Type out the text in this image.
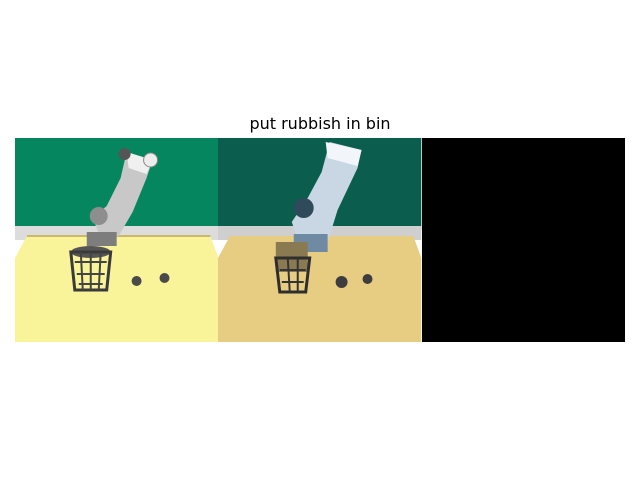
put rubbish in bin
